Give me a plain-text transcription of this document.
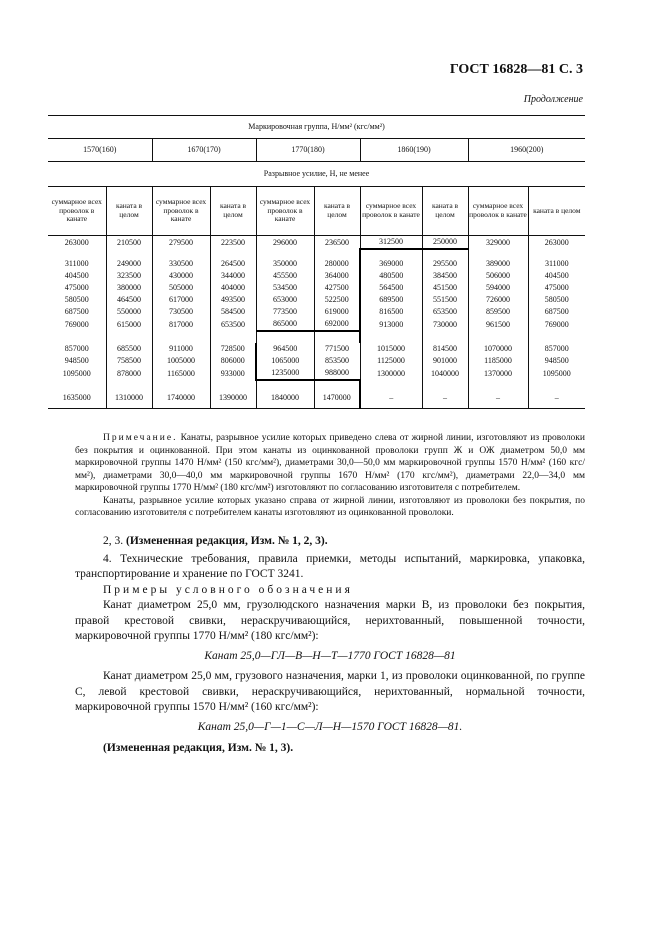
ГОСТ 16828—81 С. 3
Продолжение
Маркировочная группа, Н/мм² (кгс/мм²)									
1570(160)		1670(170)		1770(180)		1860(190)		1960(200)	
Разрывное усилие, Н, не менее									
суммарное всех проволок в канате	каната в целом	суммарное всех проволок в канате	каната в целом	суммарное всех проволок в канате	каната в целом	суммарное всех проволок в канате	каната в целом	суммарное всех проволок в канате	каната в целом
263000	210500	279500	223500	296000	236500	312500	250000	329000	263000

311000	249000	330500	264500	350000	280000	369000	295500	389000	311000
404500	323500	430000	344000	455500	364000	480500	384500	506000	404500
475000	380000	505000	404000	534500	427500	564500	451500	594000	475000
580500	464500	617000	493500	653000	522500	689500	551500	726000	580500
687500	550000	730500	584500	773500	619000	816500	653500	859500	687500
769000	615000	817000	653500	865000	692000	913000	730000	961500	769000

857000	685500	911000	728500	964500	771500	1015000	814500	1070000	857000
948500	758500	1005000	806000	1065000	853500	1125000	901000	1185000	948500
1095000	878000	1165000	933000	1235000	988000	1300000	1040000	1370000	1095000

1635000	1310000	1740000	1390000	1840000	1470000	–	–	–	–

Примечание. Канаты, разрывное усилие которых приведено слева от жирной линии, изготовляют из проволоки без покрытия и оцинкованной. При этом канаты из оцинкованной проволоки групп Ж и ОЖ диаметром 50,0 мм маркировочной группы 1470 Н/мм² (150 кгс/мм²), диаметрами 30,0—50,0 мм маркировочной группы 1570 Н/мм² (160 кгс/мм²), диаметрами 30,0—40,0 мм маркировочной группы 1670 Н/мм² (170 кгс/мм²), диаметрами 22,0—34,0 мм маркировочной группы 1770 Н/мм² (180 кгс/мм²) изготовляют по согласованию изготовителя с потребителем.

Канаты, разрывное усилие которых указано справа от жирной линии, изготовляют из проволоки без покрытия, по согласованию изготовителя с потребителем канаты изготовляют из оцинкованной проволоки.

2, 3. (Измененная редакция, Изм. № 1, 2, 3).

4. Технические требования, правила приемки, методы испытаний, маркировка, упаковка, транспортирование и хранение по ГОСТ 3241.

Примеры условного обозначения

Канат диаметром 25,0 мм, грузолюдского назначения марки В, из проволоки без покрытия, правой крестовой свивки, нераскручивающийся, нерихтованный, повышенной точности, маркировочной группы 1770 Н/мм² (180 кгс/мм²):

Канат 25,0—ГЛ—В—Н—Т—1770 ГОСТ 16828—81

Канат диаметром 25,0 мм, грузового назначения, марки 1, из проволоки оцинкованной, по группе С, левой крестовой свивки, нераскручивающийся, нерихтованный, нормальной точности, маркировочной группы 1570 Н/мм² (160 кгс/мм²):

Канат 25,0—Г—1—С—Л—Н—1570 ГОСТ 16828—81.

(Измененная редакция, Изм. № 1, 3).
